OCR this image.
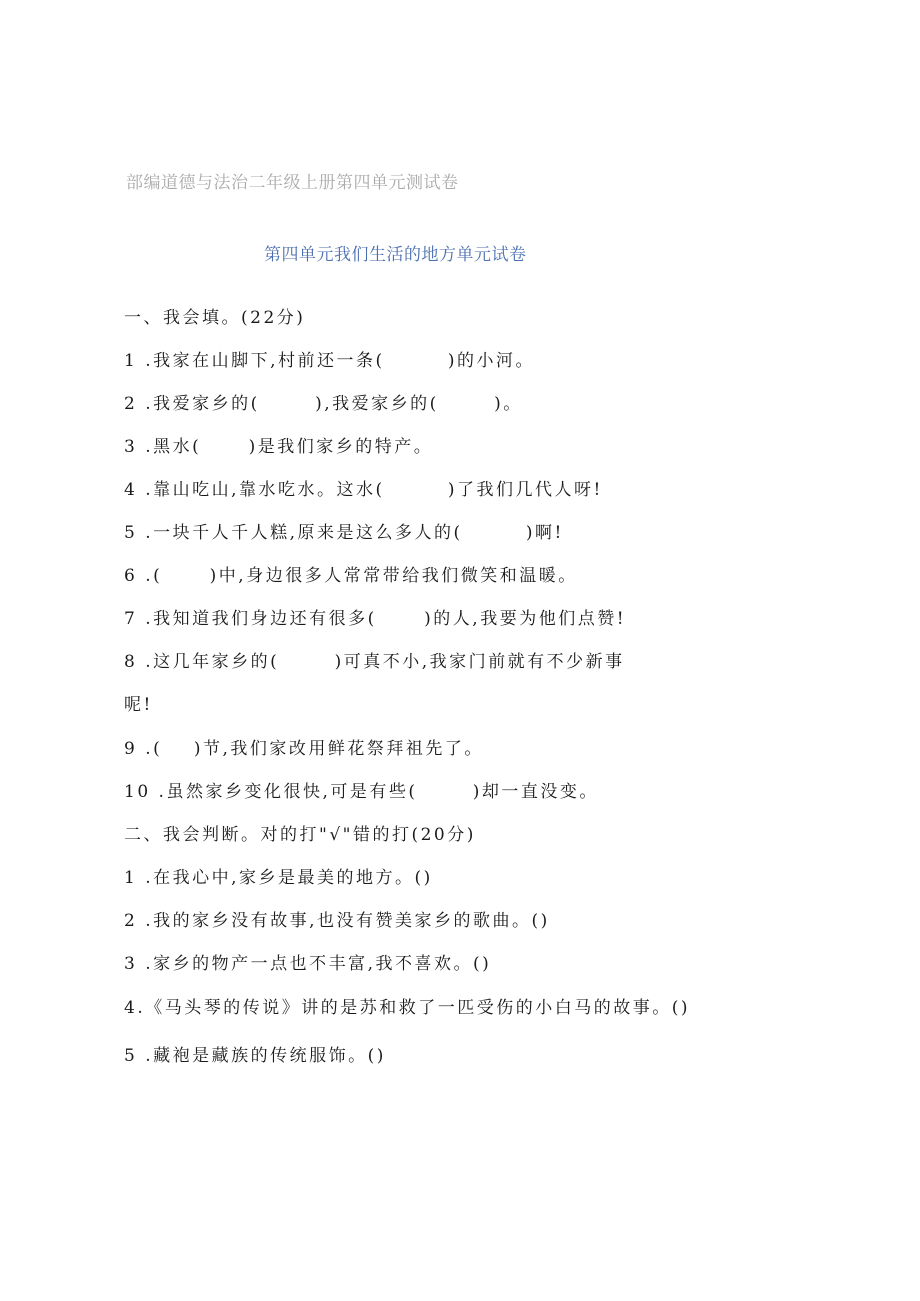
部编道德与法治二年级上册第四单元测试卷
第四单元我们生活的地方单元试卷
一、我会填。(22分)
1 .我家在山脚下,村前还一条(        )的小河。
2 .我爱家乡的(       ),我爱家乡的(       )。
3 .黑水(      )是我们家乡的特产。
4 .靠山吃山,靠水吃水。这水(        )了我们几代人呀!
5 .一块千人千人糕,原来是这么多人的(        )啊!
6 .(      )中,身边很多人常常带给我们微笑和温暖。
7 .我知道我们身边还有很多(      )的人,我要为他们点赞!
8 .这几年家乡的(       )可真不小,我家门前就有不少新事
呢!
9 .(    )节,我们家改用鲜花祭拜祖先了。
10 .虽然家乡变化很快,可是有些(       )却一直没变。
二、我会判断。对的打"√"错的打(20分)
1 .在我心中,家乡是最美的地方。()
2 .我的家乡没有故事,也没有赞美家乡的歌曲。()
3 .家乡的物产一点也不丰富,我不喜欢。()
4.《马头琴的传说》讲的是苏和救了一匹受伤的小白马的故事。()
5 .藏袍是藏族的传统服饰。()
